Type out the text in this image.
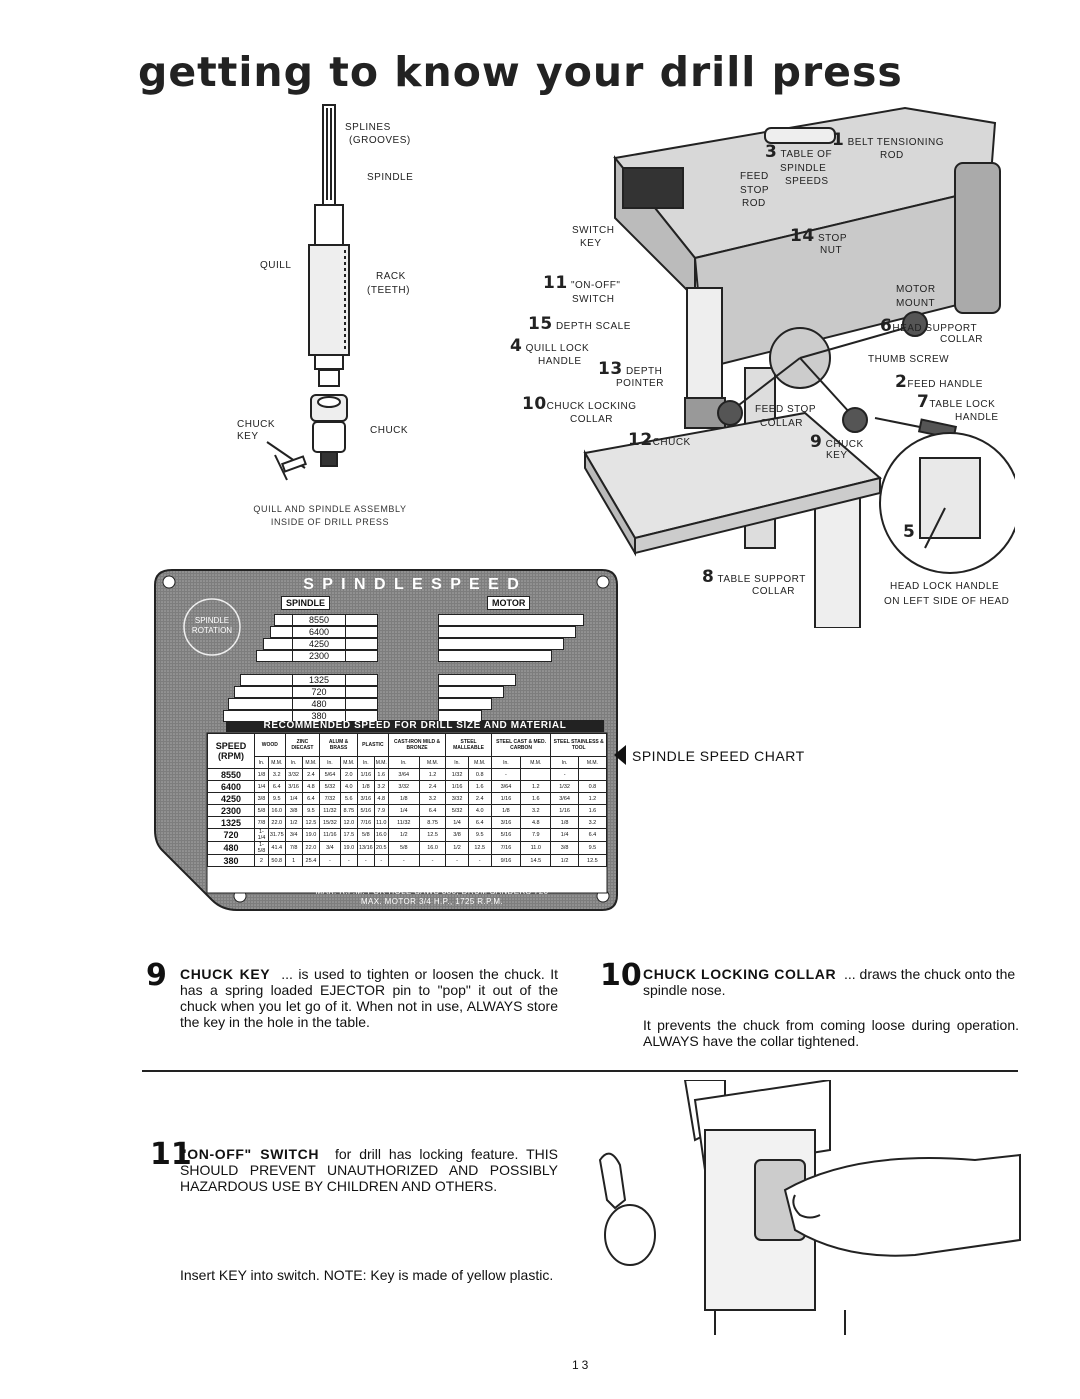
getting to know your drill press
SPLINES
(GROOVES)
SPINDLE
QUILL
RACK
(TEETH)
CHUCK KEY
CHUCK
QUILL AND SPINDLE ASSEMBLY
INSIDE OF DRILL PRESS
1 BELT TENSIONING
ROD
3 TABLE OF
SPINDLE
SPEEDS
FEED
STOP
ROD
SWITCH
KEY	14 STOP
NUT
11 "ON-OFF"
SWITCH
MOTOR
MOUNT
15 DEPTH SCALE	6HEAD SUPPORT
COLLAR
4 QUILL LOCK
HANDLE 13 DEPTH
POINTER
THUMB SCREW
2FEED HANDLE
10CHUCK LOCKING
COLLAR
FEED STOP
COLLAR
7TABLE LOCK
HANDLE
12CHUCK	9 CHUCK
KEY
5
8 TABLE SUPPORT
COLLAR	HEAD LOCK HANDLE
ON LEFT SIDE OF HEAD
S P I N D L E S P E E D
SPINDLE	MOTOR
SPINDLE
ROTATION
8550
6400
4250
2300
1325
720
480
380
RECOMMENDED SPEED FOR DRILL SIZE AND MATERIAL
SPEED
(RPM)	WOOD		ZINC DIECAST		ALUM & BRASS		PLASTIC		CAST-IRON MILD & BRONZE		STEEL MALLEABLE		STEEL CAST & MED. CARBON		STEEL STAINLESS & TOOL	
	In.	M.M.	In.	M.M.	In.	M.M.	In.	M.M.	In.	M.M.	In.	M.M.	In.	M.M.	In.	M.M.
8550	1/8	3.2	3/32	2.4	5/64	2.0	1/16	1.6	3/64	1.2	1/32	0.8	-		-	
6400	1/4	6.4	3/16	4.8	5/32	4.0	1/8	3.2	3/32	2.4	1/16	1.6	3/64	1.2	1/32	0.8
4250	3/8	9.5	1/4	6.4	7/32	5.6	3/16	4.8	1/8	3.2	3/32	2.4	1/16	1.6	3/64	1.2
2300	5/8	16.0	3/8	9.5	11/32	8.75	5/16	7.9	1/4	6.4	5/32	4.0	1/8	3.2	1/16	1.6
1325	7/8	22.0	1/2	12.5	15/32	12.0	7/16	11.0	11/32	8.75	1/4	6.4	3/16	4.8	1/8	3.2
720	1-1/4	31.75	3/4	19.0	11/16	17.5	5/8	16.0	1/2	12.5	3/8	9.5	5/16	7.9	1/4	6.4
480	1-5/8	41.4	7/8	22.0	3/4	19.0	13/16	20.5	5/8	16.0	1/2	12.5	7/16	11.0	3/8	9.5
380	2	50.8	1	25.4	-	-	-	-	-	-	-	-	9/16	14.5	1/2	12.5
MAX. R.P.M. FOR HOLE SAWS 380, DRUM SANDERS 720
MAX. MOTOR 3/4 H.P., 1725 R.P.M.
SPINDLE SPEED CHART
9 CHUCK KEY ... is used to tighten or loosen the chuck. It has a spring loaded EJECTOR pin to "pop" it out of the chuck when you let go of it. When not in use, ALWAYS store the key in the hole in the table.
10 CHUCK LOCKING COLLAR ... draws the chuck onto the spindle nose.
It prevents the chuck from coming loose during operation. ALWAYS have the collar tightened.
11
"ON-OFF" SWITCH for drill has locking feature. THIS SHOULD PREVENT UNAUTHORIZED AND POSSIBLY HAZARDOUS USE BY CHILDREN AND OTHERS.
Insert KEY into switch. NOTE: Key is made of yellow plastic.
13
